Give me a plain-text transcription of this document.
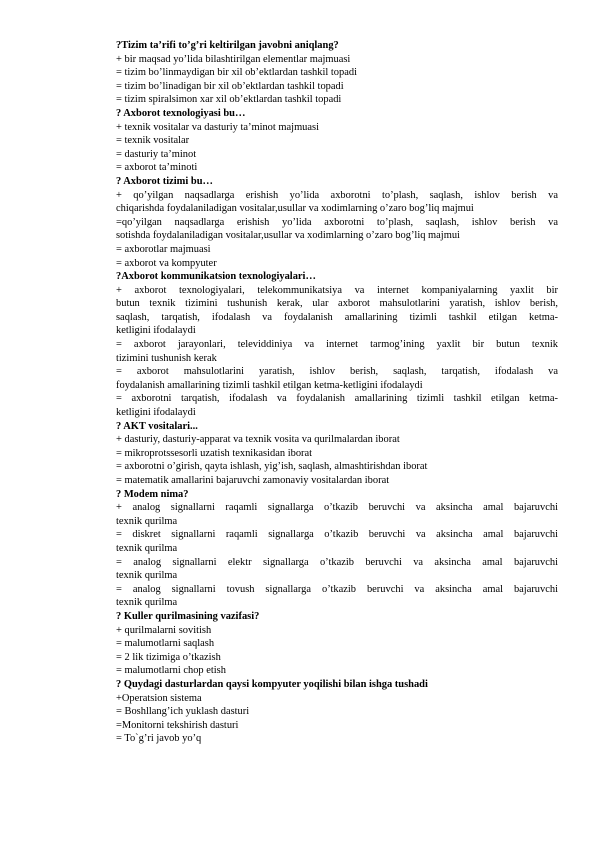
?Tizim ta’rifi to’g’ri keltirilgan javobni aniqlang?
+ bir maqsad yo’lida bilashtirilgan elementlar majmuasi
= tizim bo’linmaydigan bir xil ob’ektlardan tashkil topadi
= tizim bo’linadigan bir xil ob’ektlardan tashkil topadi
= tizim spiralsimon xar xil ob’ektlardan tashkil topadi
? Axborot texnologiyasi bu…
+ texnik vositalar va dasturiy ta’minot majmuasi
= texnik vositalar
= dasturiy ta’minot
= axborot ta’minoti
? Axborot tizimi bu…
+ qo’yilgan naqsadlarga erishish yo’lida axborotni to’plash, saqlash, ishlov berish va
chiqarishda foydalaniladigan vositalar,usullar va xodimlarning o’zaro bog’liq majmui
=qo’yilgan naqsadlarga erishish yo’lida axborotni to’plash, saqlash, ishlov berish va
sotishda foydalaniladigan vositalar,usullar va xodimlarning o’zaro bog’liq majmui
= axborotlar majmuasi
= axborot va kompyuter
?Axborot kommunikatsion texnologiyalari…
+ axborot texnologiyalari, telekommunikatsiya va internet kompaniyalarning yaxlit bir
butun texnik tizimini tushunish kerak, ular axborot mahsulotlarini yaratish, ishlov berish,
saqlash, tarqatish, ifodalash va foydalanish amallarining tizimli tashkil etilgan ketma-
ketligini ifodalaydi
= axborot jarayonlari, televiddiniya va internet tarmog’ining yaxlit bir butun texnik
tizimini tushunish kerak
= axborot mahsulotlarini yaratish, ishlov berish, saqlash, tarqatish, ifodalash va
foydalanish amallarining tizimli tashkil etilgan ketma-ketligini ifodalaydi
= axborotni tarqatish, ifodalash va foydalanish amallarining tizimli tashkil etilgan ketma-
ketligini ifodalaydi
? AKT vositalari...
+ dasturiy, dasturiy-apparat va texnik vosita va qurilmalardan iborat
= mikroprotssesorli uzatish texnikasidan iborat
= axborotni o’girish, qayta ishlash, yig’ish, saqlash, almashtirishdan iborat
= matematik amallarini bajaruvchi zamonaviy vositalardan iborat
? Modem nima?
+ analog signallarni raqamli signallarga o’tkazib beruvchi va aksincha amal bajaruvchi
texnik qurilma
= diskret signallarni raqamli signallarga o’tkazib beruvchi va aksincha amal bajaruvchi
texnik qurilma
= analog signallarni elektr signallarga o’tkazib beruvchi va aksincha amal bajaruvchi
texnik qurilma
= analog signallarni tovush signallarga o’tkazib beruvchi va aksincha amal bajaruvchi
texnik qurilma
? Kuller qurilmasining vazifasi?
+ qurilmalarni sovitish
= malumotlarni saqlash
= 2 lik tizimiga o’tkazish
= malumotlarni chop etish
? Quydagi dasturlardan qaysi kompyuter yoqilishi bilan ishga tushadi
+Operatsion sistema
= Boshllang’ich yuklash dasturi
=Monitorni tekshirish dasturi
= To`g’ri javob yo’q
